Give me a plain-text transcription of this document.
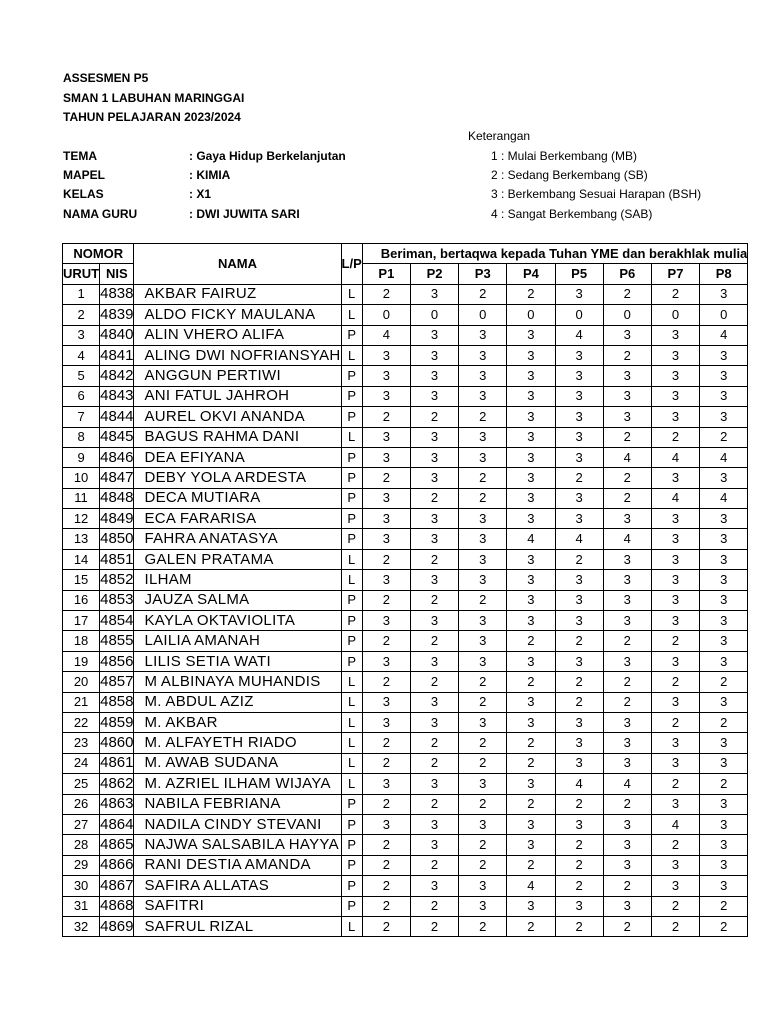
ASSESMEN P5
SMAN 1 LABUHAN MARINGGAI
TAHUN PELAJARAN 2023/2024
TEMA	: Gaya Hidup Berkelanjutan
MAPEL	: KIMIA
KELAS	: X1
NAMA GURU	: DWI JUWITA SARI
Keterangan
1 : Mulai Berkembang (MB)
2 : Sedang Berkembang (SB)
3 : Berkembang Sesuai Harapan (BSH)
4 : Sangat Berkembang (SAB)
NOMOR		NAMA	L/P	Beriman, bertaqwa kepada Tuhan YME dan berakhlak mulia							
URUT	NIS			P1	P2	P3	P4	P5	P6	P7	P8
1	4838	AKBAR FAIRUZ	L	2	3	2	2	3	2	2	3
2	4839	ALDO FICKY MAULANA	L	0	0	0	0	0	0	0	0
3	4840	ALIN VHERO ALIFA	P	4	3	3	3	4	3	3	4
4	4841	ALING DWI NOFRIANSYAH	L	3	3	3	3	3	2	3	3
5	4842	ANGGUN PERTIWI	P	3	3	3	3	3	3	3	3
6	4843	ANI FATUL JAHROH	P	3	3	3	3	3	3	3	3
7	4844	AUREL OKVI ANANDA	P	2	2	2	3	3	3	3	3
8	4845	BAGUS RAHMA DANI	L	3	3	3	3	3	2	2	2
9	4846	DEA EFIYANA	P	3	3	3	3	3	4	4	4
10	4847	DEBY YOLA ARDESTA	P	2	3	2	3	2	2	3	3
11	4848	DECA MUTIARA	P	3	2	2	3	3	2	4	4
12	4849	ECA FARARISA	P	3	3	3	3	3	3	3	3
13	4850	FAHRA ANATASYA	P	3	3	3	4	4	4	3	3
14	4851	GALEN PRATAMA	L	2	2	3	3	2	3	3	3
15	4852	ILHAM	L	3	3	3	3	3	3	3	3
16	4853	JAUZA SALMA	P	2	2	2	3	3	3	3	3
17	4854	KAYLA OKTAVIOLITA	P	3	3	3	3	3	3	3	3
18	4855	LAILIA AMANAH	P	2	2	3	2	2	2	2	3
19	4856	LILIS SETIA WATI	P	3	3	3	3	3	3	3	3
20	4857	M ALBINAYA MUHANDIS	L	2	2	2	2	2	2	2	2
21	4858	M. ABDUL AZIZ	L	3	3	2	3	2	2	3	3
22	4859	M. AKBAR	L	3	3	3	3	3	3	2	2
23	4860	M. ALFAYETH RIADO	L	2	2	2	2	3	3	3	3
24	4861	M. AWAB SUDANA	L	2	2	2	2	3	3	3	3
25	4862	M. AZRIEL ILHAM WIJAYA	L	3	3	3	3	4	4	2	2
26	4863	NABILA FEBRIANA	P	2	2	2	2	2	2	3	3
27	4864	NADILA CINDY STEVANI	P	3	3	3	3	3	3	4	3
28	4865	NAJWA SALSABILA HAYYA	P	2	3	2	3	2	3	2	3
29	4866	RANI DESTIA AMANDA	P	2	2	2	2	2	3	3	3
30	4867	SAFIRA ALLATAS	P	2	3	3	4	2	2	3	3
31	4868	SAFITRI	P	2	2	3	3	3	3	2	2
32	4869	SAFRUL RIZAL	L	2	2	2	2	2	2	2	2
